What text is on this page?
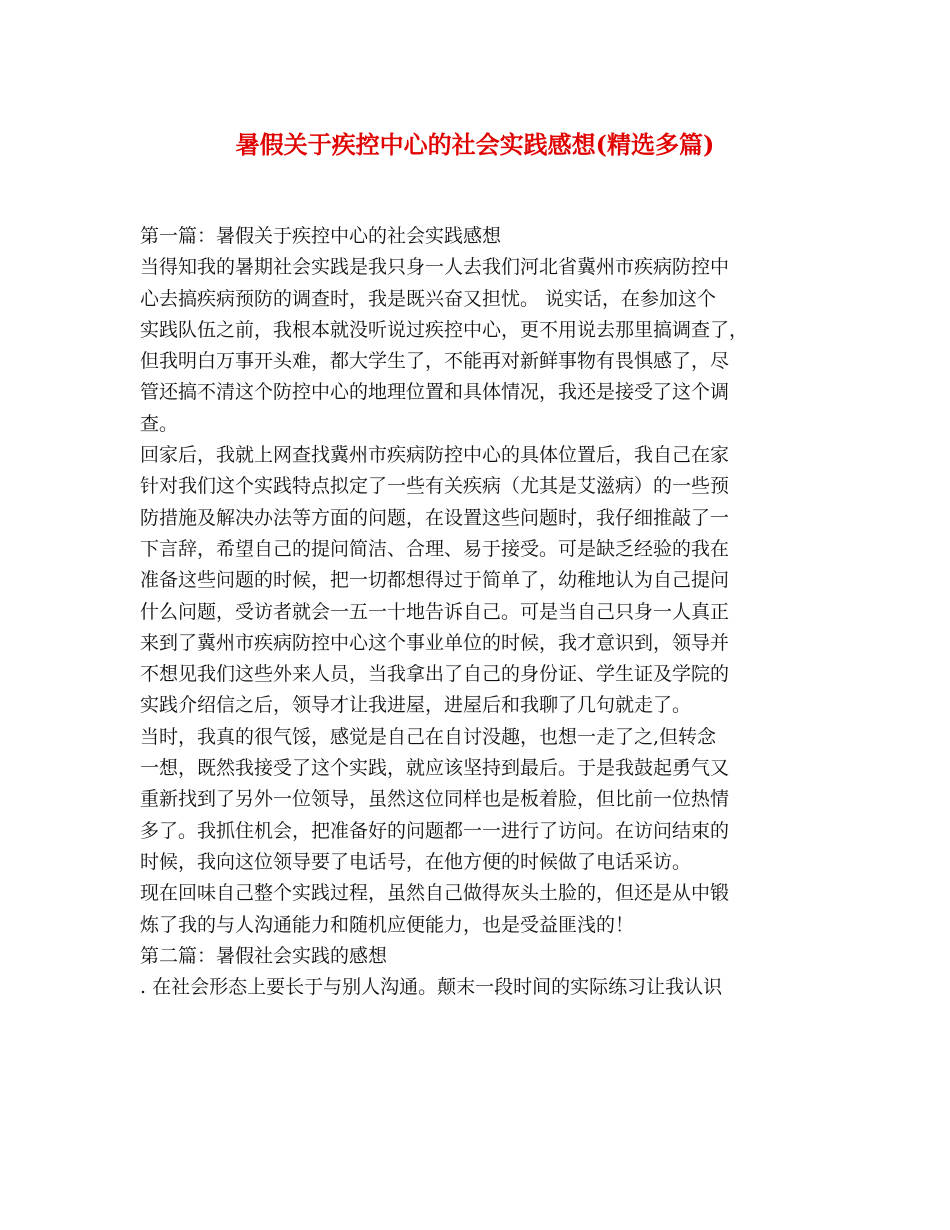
暑假关于疾控中心的社会实践感想(精选多篇)
第一篇：暑假关于疾控中心的社会实践感想
当得知我的暑期社会实践是我只身一人去我们河北省冀州市疾病防控中
心去搞疾病预防的调查时，我是既兴奋又担忧。 说实话，在参加这个
实践队伍之前，我根本就没听说过疾控中心，更不用说去那里搞调查了，
但我明白万事开头难，都大学生了，不能再对新鲜事物有畏惧感了，尽
管还搞不清这个防控中心的地理位置和具体情况，我还是接受了这个调
查。
回家后，我就上网查找冀州市疾病防控中心的具体位置后，我自己在家
针对我们这个实践特点拟定了一些有关疾病（尤其是艾滋病）的一些预
防措施及解决办法等方面的问题，在设置这些问题时，我仔细推敲了一
下言辞，希望自己的提问简洁、合理、易于接受。可是缺乏经验的我在
准备这些问题的时候，把一切都想得过于简单了，幼稚地认为自己提问
什么问题，受访者就会一五一十地告诉自己。可是当自己只身一人真正
来到了冀州市疾病防控中心这个事业单位的时候，我才意识到，领导并
不想见我们这些外来人员，当我拿出了自己的身份证、学生证及学院的
实践介绍信之后，领导才让我进屋，进屋后和我聊了几句就走了。
当时，我真的很气馁，感觉是自己在自讨没趣，也想一走了之,但转念
一想，既然我接受了这个实践，就应该坚持到最后。于是我鼓起勇气又
重新找到了另外一位领导，虽然这位同样也是板着脸，但比前一位热情
多了。我抓住机会，把准备好的问题都一一进行了访问。在访问结束的
时候，我向这位领导要了电话号，在他方便的时候做了电话采访。
现在回味自己整个实践过程，虽然自己做得灰头土脸的，但还是从中锻
炼了我的与人沟通能力和随机应便能力，也是受益匪浅的！
第二篇：暑假社会实践的感想
. 在社会形态上要长于与别人沟通。颠末一段时间的实际练习让我认识
